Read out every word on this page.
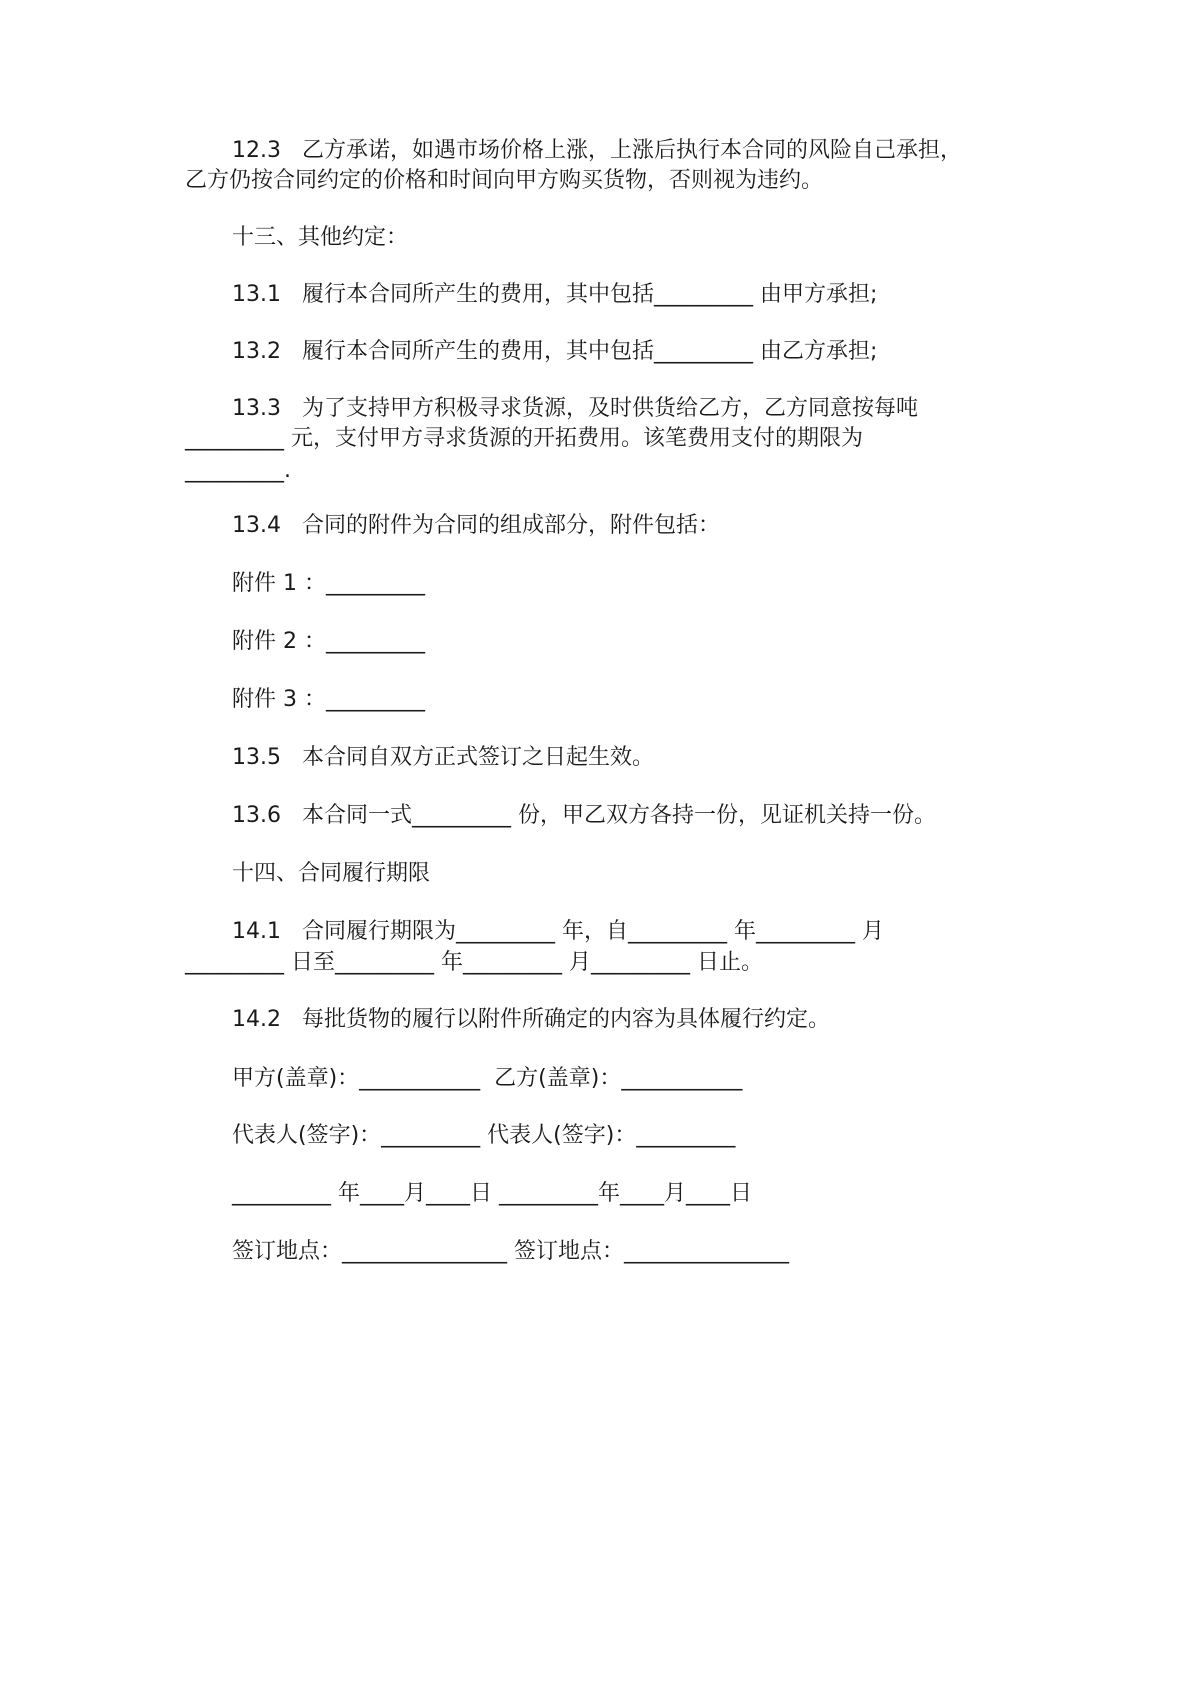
12.3   乙方承诺，如遇市场价格上涨，上涨后执行本合同的风险自己承担，
乙方仍按合同约定的价格和时间向甲方购买货物，否则视为违约。
十三、其他约定：
13.1   履行本合同所产生的费用，其中包括_________ 由甲方承担;
13.2   履行本合同所产生的费用，其中包括_________ 由乙方承担;
13.3   为了支持甲方积极寻求货源，及时供货给乙方，乙方同意按每吨
_________ 元，支付甲方寻求货源的开拓费用。该笔费用支付的期限为
_________.
13.4   合同的附件为合同的组成部分，附件包括：
附件 1 ：_________
附件 2 ：_________
附件 3 ：_________
13.5   本合同自双方正式签订之日起生效。
13.6   本合同一式_________ 份，甲乙双方各持一份，见证机关持一份。
十四、合同履行期限
14.1   合同履行期限为_________ 年，自_________ 年_________ 月
_________ 日至_________ 年_________ 月_________ 日止。
14.2   每批货物的履行以附件所确定的内容为具体履行约定。
甲方(盖章)：___________  乙方(盖章)：___________
代表人(签字)：_________ 代表人(签字)：_________
_________ 年____月____日 _________年____月____日
签订地点：_______________ 签订地点：_______________
